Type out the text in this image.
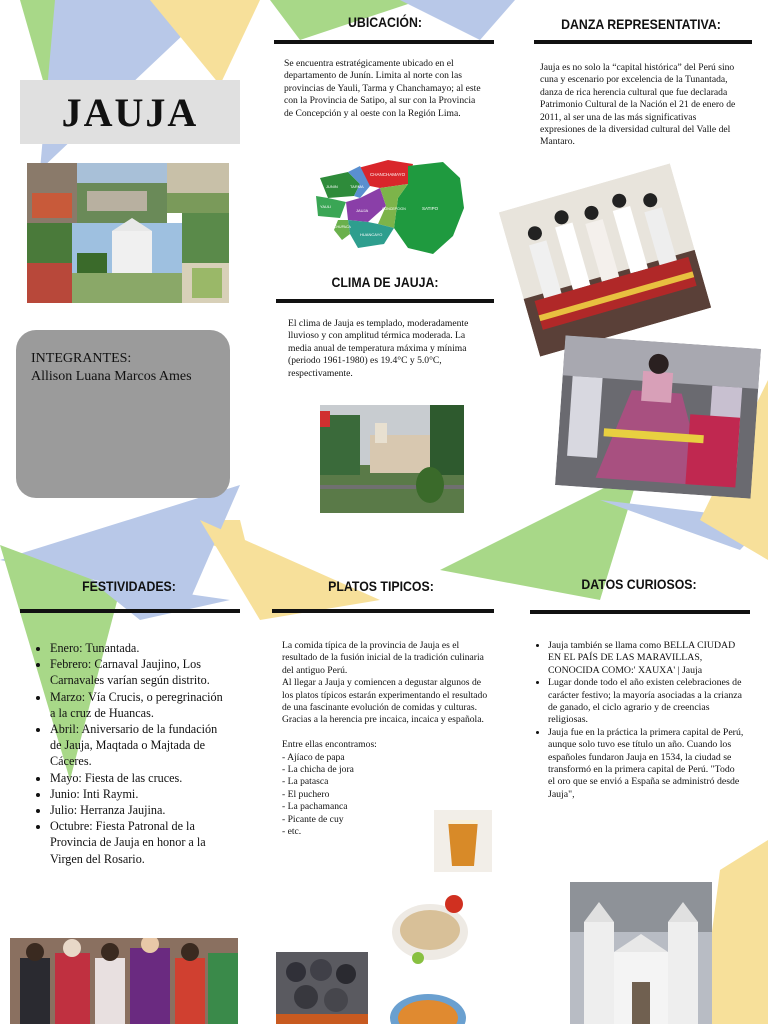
JAUJA
INTEGRANTES:
Allison Luana Marcos Ames
UBICACIÓN:
Se encuentra estratégicamente ubicado en el departamento de Junín. Limita al norte con las provincias de Yauli, Tarma y Chanchamayo; al este con la Provincia de Satipo, al sur con la Provincia de Concepción y al oeste con la Región Lima.
CHANCHAMAYO
TARMA
YAULI
JUNIN
JAUJA	SATIPO
HUANCAYO
CHUPACA
CONCEPCION
CLIMA DE JAUJA:
El clima de Jauja es templado, moderadamente lluvioso y con amplitud térmica moderada. La media anual de temperatura máxima y mínima (periodo 1961-1980) es 19.4°C y 5.0°C, respectivamente.
DANZA REPRESENTATIVA:
Jauja es no solo la “capital histórica” del Perú sino cuna y escenario por excelencia de la Tunantada, danza de rica herencia cultural que fue declarada Patrimonio Cultural de la Nación el 21 de enero de 2011, al ser una de las más significativas expresiones de la diversidad cultural del Valle del Mantaro.
FESTIVIDADES:
• Enero: Tunantada.
• Febrero: Carnaval Jaujino, Los Carnavales varían según distrito.
• Marzo: Vía Crucis, o peregrinación a la cruz de Huancas.
• Abril: Aniversario de la fundación de Jauja, Maqtada o Majtada de Cáceres.
• Mayo: Fiesta de las cruces.
• Junio: Inti Raymi.
• Julio: Herranza Jaujina.
• Octubre: Fiesta Patronal de la Provincia de Jauja en honor a la Virgen del Rosario.
PLATOS TIPICOS:
La comida típica de la provincia de Jauja es el resultado de la fusión inicial de la tradición culinaria del antiguo Perú.
Al llegar a Jauja y comiencen a degustar algunos de los platos típicos estarán experimentando el resultado de una fascinante evolución de comidas y culturas. Gracias a la herencia pre incaica, incaica y española.
Entre ellas encontramos:
- Ajíaco de papa
- La chicha de jora
- La patasca
- El puchero
- La pachamanca
- Picante de cuy
- etc.
DATOS CURIOSOS:
• Jauja también se llama como BELLA CIUDAD EN EL PAÍS DE LAS MARAVILLAS, CONOCIDA COMO:' XAUXA' | Jauja
• Lugar donde todo el año existen celebraciones de carácter festivo; la mayoría asociadas a la crianza de ganado, el ciclo agrario y de creencias religiosas.
• Jauja fue en la práctica la primera capital de Perú, aunque solo tuvo ese título un año. Cuando los españoles fundaron Jauja en 1534, la ciudad se transformó en la primera capital de Perú. "Todo el oro que se envió a España se administró desde Jauja",
